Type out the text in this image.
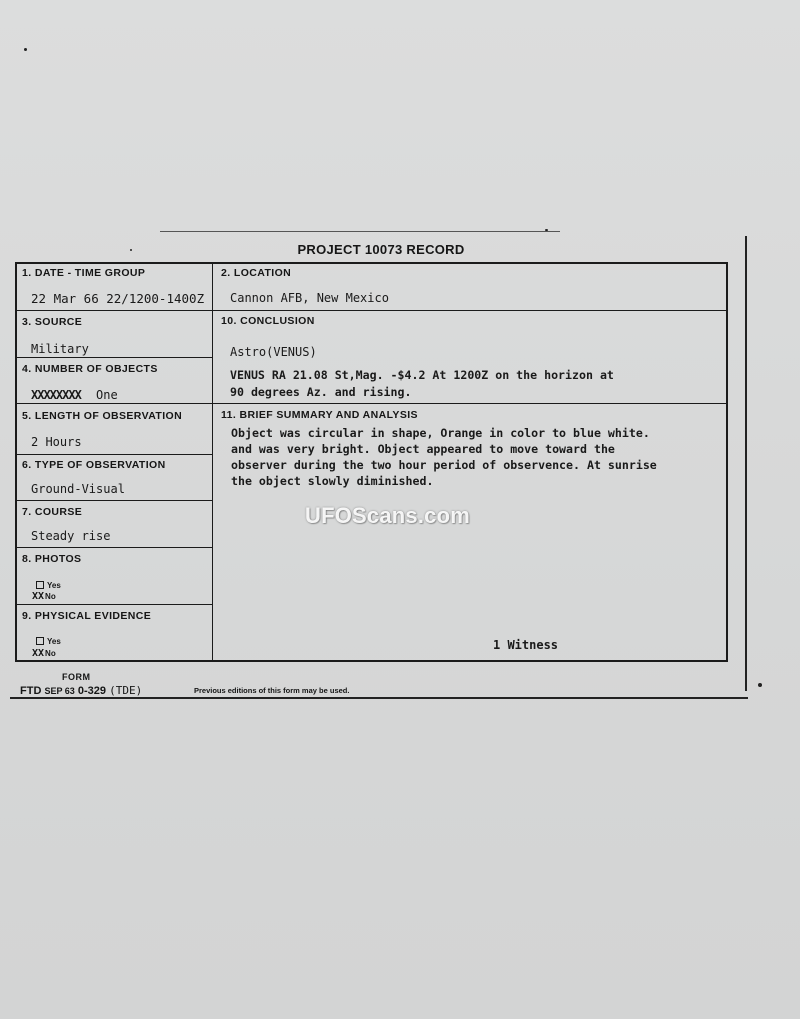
PROJECT 10073 RECORD
1. DATE - TIME GROUP
22 Mar 66 22/1200-1400Z
2. LOCATION
Cannon AFB, New Mexico
3. SOURCE
Military
4. NUMBER OF OBJECTS
XXXXXXXX One
5. LENGTH OF OBSERVATION
2 Hours
6. TYPE OF OBSERVATION
Ground-Visual
7. COURSE
Steady rise
8. PHOTOS
Yes
XXNo
9. PHYSICAL EVIDENCE
Yes
XXNo
10. CONCLUSION
Astro(VENUS)
VENUS RA 21.08 St,Mag. -$4.2 At 1200Z on the horizon at
90 degrees Az. and rising.
11. BRIEF SUMMARY AND ANALYSIS
Object was circular in shape, Orange in color to blue white.
and was very bright. Object appeared to move toward the
observer during the two hour period of observence. At sunrise
the object slowly diminished.
1 Witness
FORM
FTD SEP 63 0-329 (TDE)	Previous editions of this form may be used.
UFOScans.com
